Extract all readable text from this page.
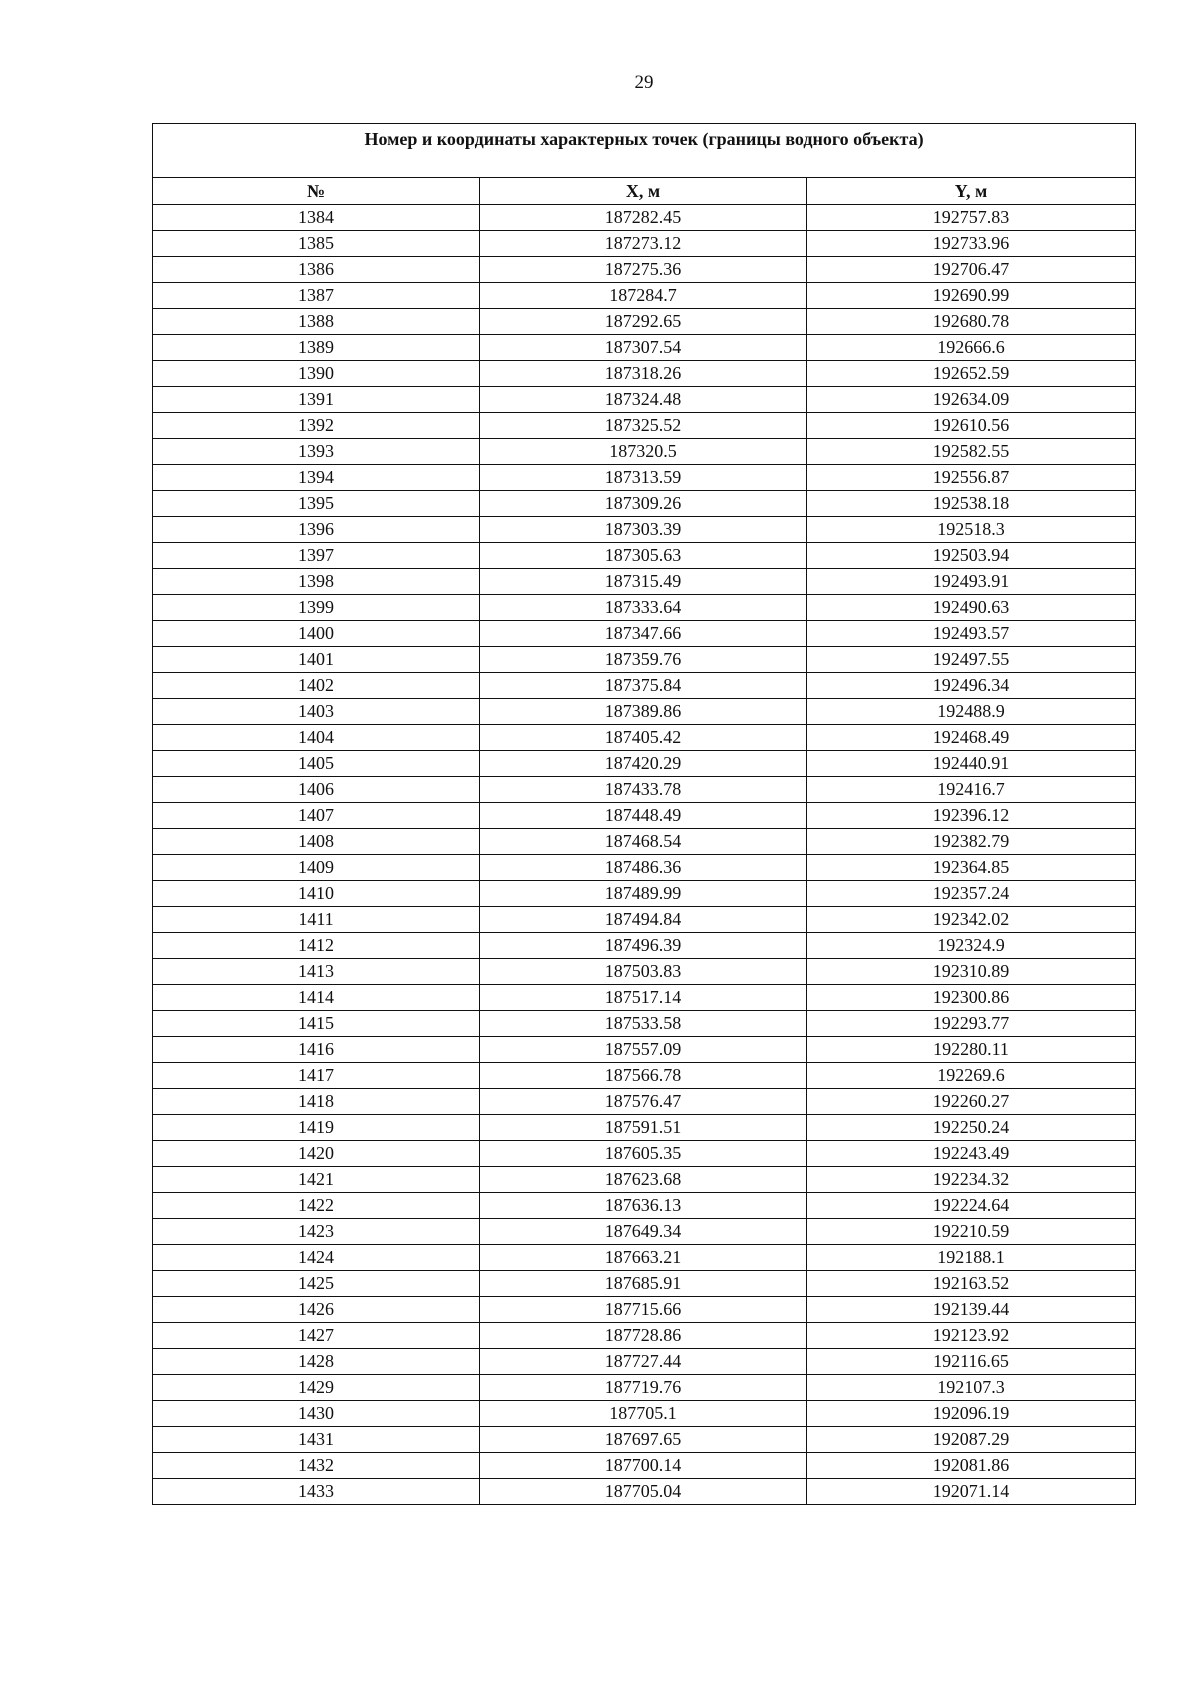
29
Номер и координаты характерных точек (границы водного объекта)		
№	X, м	Y, м
1384	187282.45	192757.83
1385	187273.12	192733.96
1386	187275.36	192706.47
1387	187284.7	192690.99
1388	187292.65	192680.78
1389	187307.54	192666.6
1390	187318.26	192652.59
1391	187324.48	192634.09
1392	187325.52	192610.56
1393	187320.5	192582.55
1394	187313.59	192556.87
1395	187309.26	192538.18
1396	187303.39	192518.3
1397	187305.63	192503.94
1398	187315.49	192493.91
1399	187333.64	192490.63
1400	187347.66	192493.57
1401	187359.76	192497.55
1402	187375.84	192496.34
1403	187389.86	192488.9
1404	187405.42	192468.49
1405	187420.29	192440.91
1406	187433.78	192416.7
1407	187448.49	192396.12
1408	187468.54	192382.79
1409	187486.36	192364.85
1410	187489.99	192357.24
1411	187494.84	192342.02
1412	187496.39	192324.9
1413	187503.83	192310.89
1414	187517.14	192300.86
1415	187533.58	192293.77
1416	187557.09	192280.11
1417	187566.78	192269.6
1418	187576.47	192260.27
1419	187591.51	192250.24
1420	187605.35	192243.49
1421	187623.68	192234.32
1422	187636.13	192224.64
1423	187649.34	192210.59
1424	187663.21	192188.1
1425	187685.91	192163.52
1426	187715.66	192139.44
1427	187728.86	192123.92
1428	187727.44	192116.65
1429	187719.76	192107.3
1430	187705.1	192096.19
1431	187697.65	192087.29
1432	187700.14	192081.86
1433	187705.04	192071.14
